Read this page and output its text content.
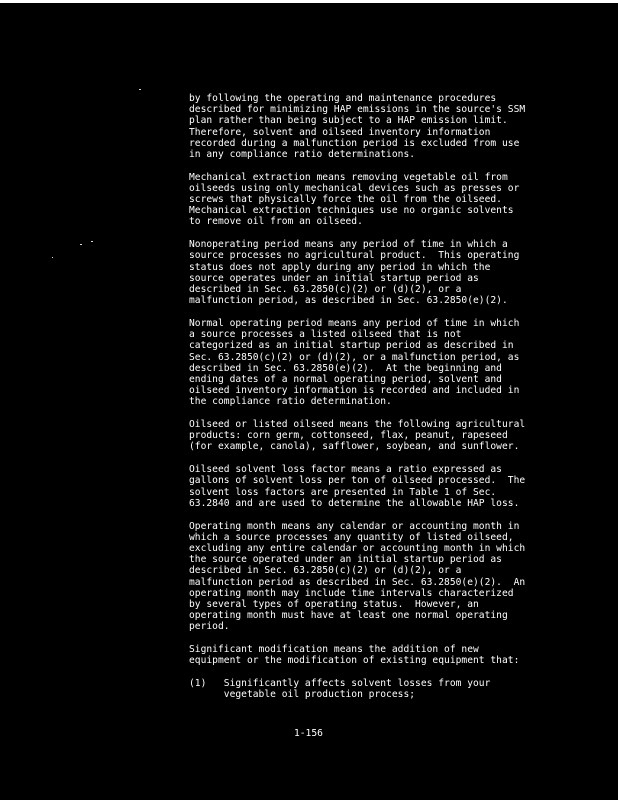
by following the operating and maintenance procedures
described for minimizing HAP emissions in the source's SSM
plan rather than being subject to a HAP emission limit.
Therefore, solvent and oilseed inventory information
recorded during a malfunction period is excluded from use
in any compliance ratio determinations.
Mechanical extraction means removing vegetable oil from
oilseeds using only mechanical devices such as presses or
screws that physically force the oil from the oilseed.
Mechanical extraction techniques use no organic solvents
to remove oil from an oilseed.
Nonoperating period means any period of time in which a
source processes no agricultural product.  This operating
status does not apply during any period in which the
source operates under an initial startup period as
described in Sec. 63.2850(c)(2) or (d)(2), or a
malfunction period, as described in Sec. 63.2850(e)(2).
Normal operating period means any period of time in which
a source processes a listed oilseed that is not
categorized as an initial startup period as described in
Sec. 63.2850(c)(2) or (d)(2), or a malfunction period, as
described in Sec. 63.2850(e)(2).  At the beginning and
ending dates of a normal operating period, solvent and
oilseed inventory information is recorded and included in
the compliance ratio determination.
Oilseed or listed oilseed means the following agricultural
products: corn germ, cottonseed, flax, peanut, rapeseed
(for example, canola), safflower, soybean, and sunflower.
Oilseed solvent loss factor means a ratio expressed as
gallons of solvent loss per ton of oilseed processed.  The
solvent loss factors are presented in Table 1 of Sec.
63.2840 and are used to determine the allowable HAP loss.
Operating month means any calendar or accounting month in
which a source processes any quantity of listed oilseed,
excluding any entire calendar or accounting month in which
the source operated under an initial startup period as
described in Sec. 63.2850(c)(2) or (d)(2), or a
malfunction period as described in Sec. 63.2850(e)(2).  An
operating month may include time intervals characterized
by several types of operating status.  However, an
operating month must have at least one normal operating
period.
Significant modification means the addition of new
equipment or the modification of existing equipment that:
(1)   Significantly affects solvent losses from your
vegetable oil production process;
1-156
